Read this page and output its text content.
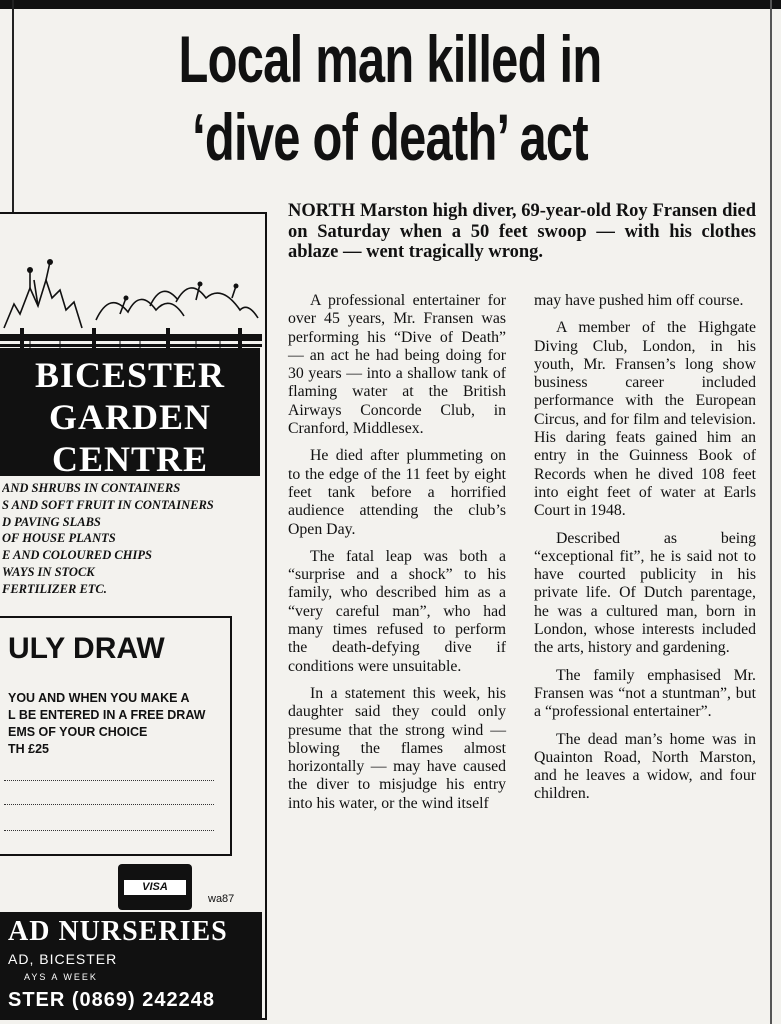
Local man killed in
‘dive of death’ act
BICESTER
GARDEN
CENTRE
AND SHRUBS IN CONTAINERS
S AND SOFT FRUIT IN CONTAINERS
D PAVING SLABS
OF HOUSE PLANTS
E AND COLOURED CHIPS
WAYS IN STOCK
FERTILIZER ETC.
ULY DRAW
YOU AND WHEN YOU MAKE A
L BE ENTERED IN A FREE DRAW
EMS OF YOUR CHOICE
TH £25
VISA
wa87
AD NURSERIES
AD, BICESTER
AYS A WEEK
STER (0869) 242248

NORTH Marston high diver, 69-year-old Roy Fransen died on Saturday when a 50 feet swoop — with his clothes ablaze — went tragically wrong.

A professional entertainer for over 45 years, Mr. Fransen was performing his “Dive of Death” — an act he had being doing for 30 years — into a shallow tank of flaming water at the British Airways Concorde Club, in Cranford, Middlesex.

He died after plummeting on to the edge of the 11 feet by eight feet tank before a horrified audience attending the club’s Open Day.

The fatal leap was both a “surprise and a shock” to his family, who described him as a “very careful man”, who had many times refused to perform the death-defying dive if conditions were unsuitable.

In a statement this week, his daughter said they could only presume that the strong wind — blowing the flames almost horizontally — may have caused the diver to misjudge his entry into his water, or the wind itself

may have pushed him off course.

A member of the Highgate Diving Club, London, in his youth, Mr. Fransen’s long show business career included performance with the European Circus, and for film and television. His daring feats gained him an entry in the Guinness Book of Records when he dived 108 feet into eight feet of water at Earls Court in 1948.

Described as being “exceptional fit”, he is said not to have courted publicity in his private life. Of Dutch parentage, he was a cultured man, born in London, whose interests included the arts, history and gardening.

The family emphasised Mr. Fransen was “not a stuntman”, but a “professional entertainer”.

The dead man’s home was in Quainton Road, North Marston, and he leaves a widow, and four children.
